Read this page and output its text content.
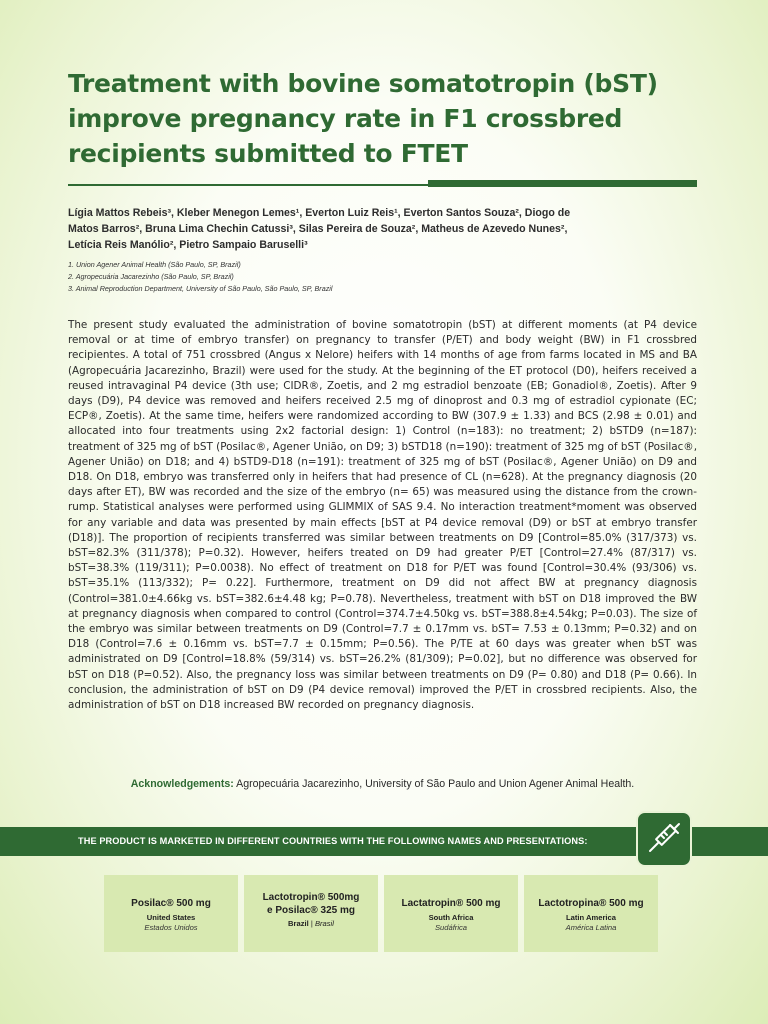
Treatment with bovine somatotropin (bST) improve pregnancy rate in F1 crossbred recipients submitted to FTET
Lígia Mattos Rebeis³, Kleber Menegon Lemes¹, Everton Luiz Reis¹, Everton Santos Souza², Diogo de Matos Barros², Bruna Lima Chechin Catussi³, Silas Pereira de Souza², Matheus de Azevedo Nunes², Letícia Reis Manólio², Pietro Sampaio Baruselli³
1. Union Agener Animal Health (São Paulo, SP, Brazil)
2. Agropecuária Jacarezinho (São Paulo, SP, Brazil)
3. Animal Reproduction Department, University of São Paulo, São Paulo, SP, Brazil

The present study evaluated the administration of bovine somatotropin (bST) at different moments (at P4 device removal or at time of embryo transfer) on pregnancy to transfer (P/ET) and body weight (BW) in F1 crossbred recipientes. A total of 751 crossbred (Angus x Nelore) heifers with 14 months of age from farms located in MS and BA (Agropecuária Jacarezinho, Brazil) were used for the study. At the beginning of the ET protocol (D0), heifers received a reused intravaginal P4 device (3th use; CIDR®, Zoetis, and 2 mg estradiol benzoate (EB; Gonadiol®, Zoetis). After 9 days (D9), P4 device was removed and heifers received 2.5 mg of dinoprost and 0.3 mg of estradiol cypionate (EC; ECP®, Zoetis). At the same time, heifers were randomized according to BW (307.9 ± 1.33) and BCS (2.98 ± 0.01) and allocated into four treatments using 2x2 factorial design: 1) Control (n=183): no treatment; 2) bSTD9 (n=187): treatment of 325 mg of bST (Posilac®, Agener União, on D9; 3) bSTD18 (n=190): treatment of 325 mg of bST (Posilac®, Agener União) on D18; and 4) bSTD9-D18 (n=191): treatment of 325 mg of bST (Posilac®, Agener União) on D9 and D18. On D18, embryo was transferred only in heifers that had presence of CL (n=628). At the pregnancy diagnosis (20 days after ET), BW was recorded and the size of the embryo (n= 65) was measured using the distance from the crown-rump. Statistical analyses were performed using GLIMMIX of SAS 9.4. No interaction treatment*moment was observed for any variable and data was presented by main effects [bST at P4 device removal (D9) or bST at embryo transfer (D18)]. The proportion of recipients transferred was similar between treatments on D9 [Control=85.0% (317/373) vs. bST=82.3% (311/378); P=0.32). However, heifers treated on D9 had greater P/ET [Control=27.4% (87/317) vs. bST=38.3% (119/311); P=0.0038). No effect of treatment on D18 for P/ET was found [Control=30.4% (93/306) vs. bST=35.1% (113/332); P= 0.22]. Furthermore, treatment on D9 did not affect BW at pregnancy diagnosis (Control=381.0±4.66kg vs. bST=382.6±4.48 kg; P=0.78). Nevertheless, treatment with bST on D18 improved the BW at pregnancy diagnosis when compared to control (Control=374.7±4.50kg vs. bST=388.8±4.54kg; P=0.03). The size of the embryo was similar between treatments on D9 (Control=7.7 ± 0.17mm vs. bST= 7.53 ± 0.13mm; P=0.32) and on D18 (Control=7.6 ± 0.16mm vs. bST=7.7 ± 0.15mm; P=0.56). The P/TE at 60 days was greater when bST was administrated on D9 [Control=18.8% (59/314) vs. bST=26.2% (81/309); P=0.02], but no difference was observed for bST on D18 (P=0.52). Also, the pregnancy loss was similar between treatments on D9 (P= 0.80) and D18 (P= 0.66). In conclusion, the administration of bST on D9 (P4 device removal) improved the P/ET in crossbred recipients. Also, the administration of bST on D18 increased BW recorded on pregnancy diagnosis.

Acknowledgements: Agropecuária Jacarezinho, University of São Paulo and Union Agener Animal Health.
THE PRODUCT IS MARKETED IN DIFFERENT COUNTRIES WITH THE FOLLOWING NAMES AND PRESENTATIONS:
Posilac® 500 mg
United States
Estados Unidos
Lactotropin® 500mg
e Posilac® 325 mg
Brazil | Brasil
Lactatropin® 500 mg
South Africa
Sudáfrica
Lactotropina® 500 mg
Latin America
América Latina
